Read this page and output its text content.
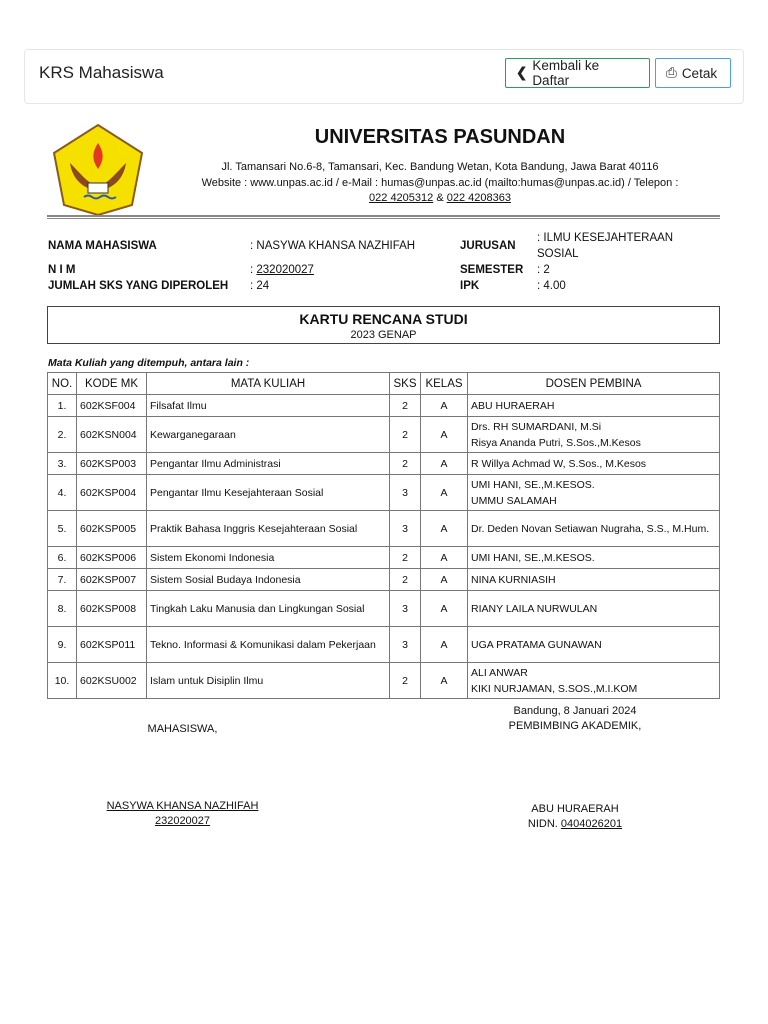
KRS Mahasiswa	❮ Kembali ke Daftar
⎙ Cetak
UNIVERSITAS PASUNDAN
Jl. Tamansari No.6-8, Tamansari, Kec. Bandung Wetan, Kota Bandung, Jawa Barat 40116
Website : www.unpas.ac.id / e-Mail : humas@unpas.ac.id (mailto:humas@unpas.ac.id) / Telepon :
022 4205312 & 022 4208363
NAMA MAHASISWA	: NASYWA KHANSA NAZHIFAH
N I M	: 232020027
JUMLAH SKS YANG DIPEROLEH : 24
JURUSAN
: ILMU KESEJAHTERAAN SOSIAL
SEMESTER : 2
IPK	: 4.00
KARTU RENCANA STUDI
2023 GENAP
Mata Kuliah yang ditempuh, antara lain :
NO.	KODE MK	MATA KULIAH	SKS	KELAS	DOSEN PEMBINA
1.	602KSF004	Filsafat Ilmu	2	A	ABU HURAERAH
2.	602KSN004	Kewarganegaraan	2	A	Drs. RH SUMARDANI, M.Si
Risya Ananda Putri, S.Sos.,M.Kesos
3.	602KSP003	Pengantar Ilmu Administrasi	2	A	R Willya Achmad W, S.Sos., M.Kesos
4.	602KSP004	Pengantar Ilmu Kesejahteraan Sosial	3	A	UMI HANI, SE.,M.KESOS.
UMMU SALAMAH
5.	602KSP005	Praktik Bahasa Inggris Kesejahteraan Sosial	3	A	Dr. Deden Novan Setiawan Nugraha, S.S., M.Hum.
6.	602KSP006	Sistem Ekonomi Indonesia	2	A	UMI HANI, SE.,M.KESOS.
7.	602KSP007	Sistem Sosial Budaya Indonesia	2	A	NINA KURNIASIH
8.	602KSP008	Tingkah Laku Manusia dan Lingkungan Sosial	3	A	RIANY LAILA NURWULAN
9.	602KSP011	Tekno. Informasi & Komunikasi dalam Pekerjaan	3	A	UGA PRATAMA GUNAWAN
10.	602KSU002	Islam untuk Disiplin Ilmu	2	A	ALI ANWAR
KIKI NURJAMAN, S.SOS.,M.I.KOM
MAHASISWA,
NASYWA KHANSA NAZHIFAH
232020027
Bandung, 8 Januari 2024
PEMBIMBING AKADEMIK,
ABU HURAERAH
NIDN. 0404026201
